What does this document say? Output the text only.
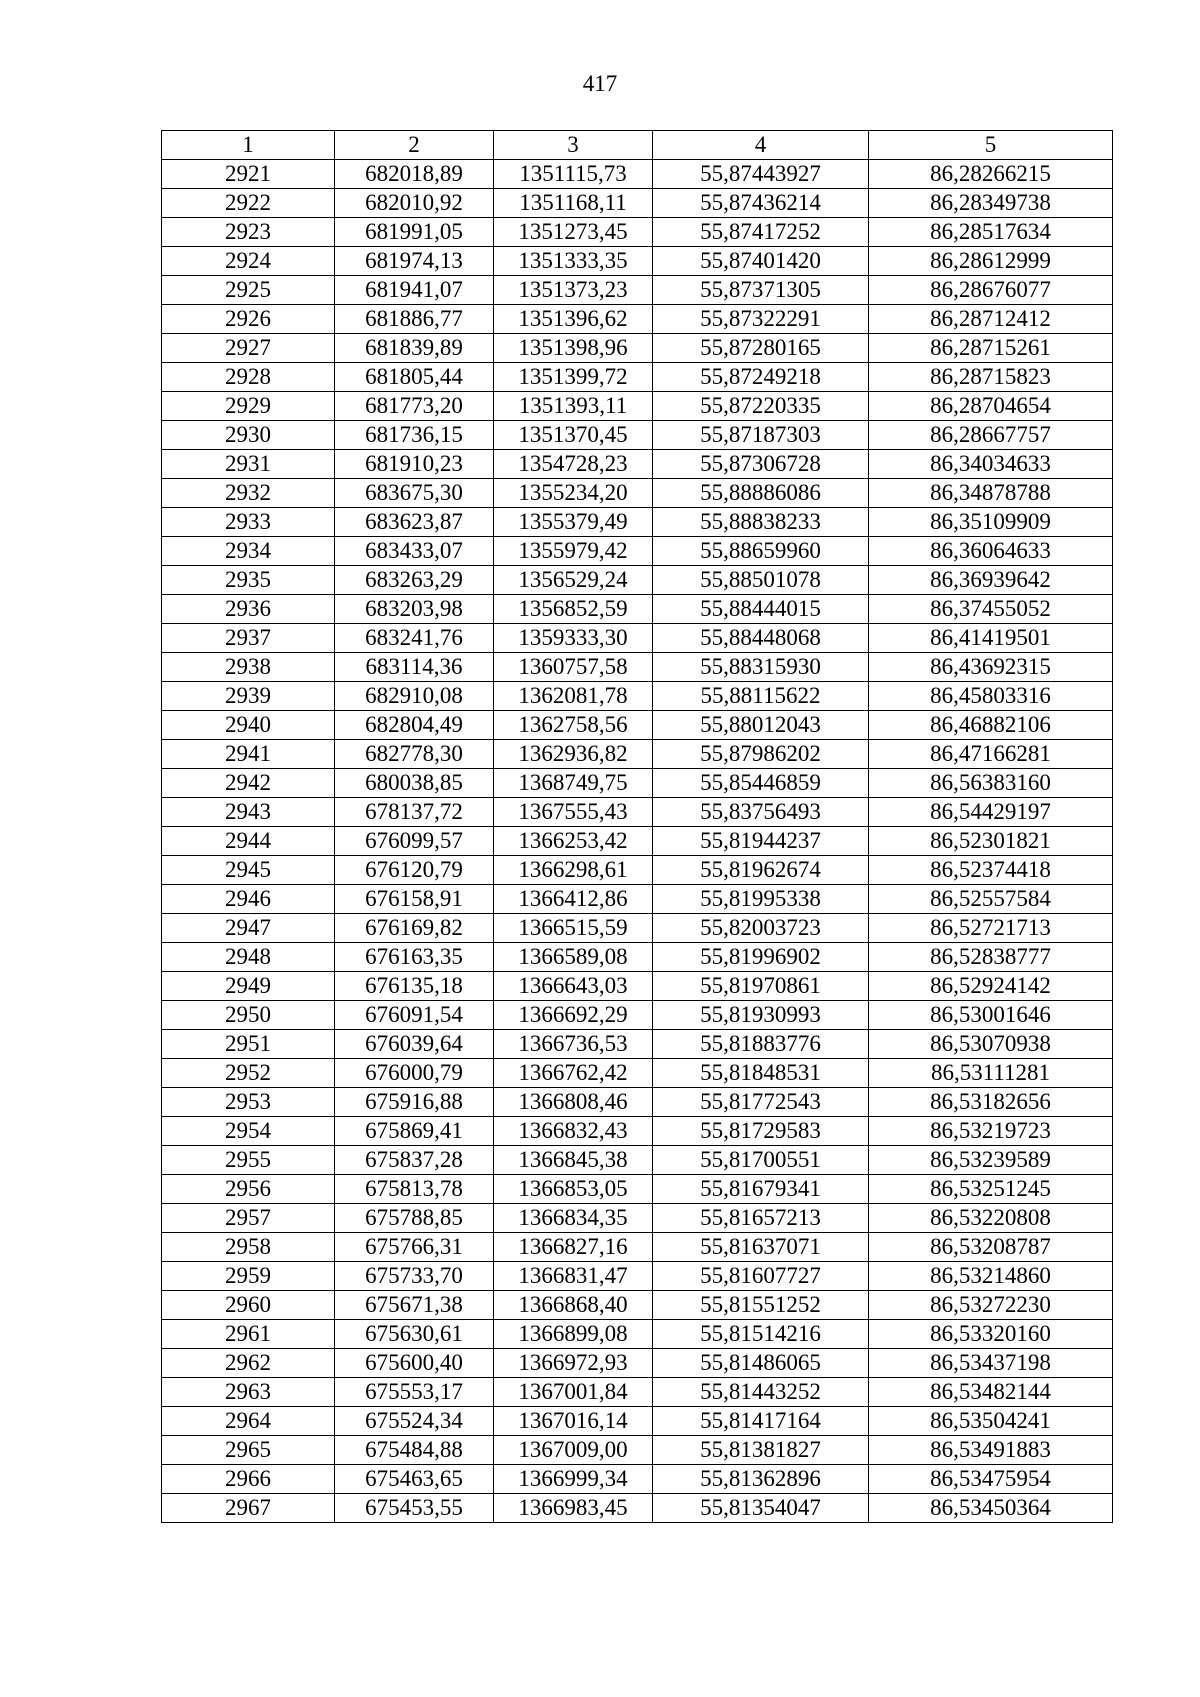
417
1	2	3	4	5
2921	682018,89	1351115,73	55,87443927	86,28266215
2922	682010,92	1351168,11	55,87436214	86,28349738
2923	681991,05	1351273,45	55,87417252	86,28517634
2924	681974,13	1351333,35	55,87401420	86,28612999
2925	681941,07	1351373,23	55,87371305	86,28676077
2926	681886,77	1351396,62	55,87322291	86,28712412
2927	681839,89	1351398,96	55,87280165	86,28715261
2928	681805,44	1351399,72	55,87249218	86,28715823
2929	681773,20	1351393,11	55,87220335	86,28704654
2930	681736,15	1351370,45	55,87187303	86,28667757
2931	681910,23	1354728,23	55,87306728	86,34034633
2932	683675,30	1355234,20	55,88886086	86,34878788
2933	683623,87	1355379,49	55,88838233	86,35109909
2934	683433,07	1355979,42	55,88659960	86,36064633
2935	683263,29	1356529,24	55,88501078	86,36939642
2936	683203,98	1356852,59	55,88444015	86,37455052
2937	683241,76	1359333,30	55,88448068	86,41419501
2938	683114,36	1360757,58	55,88315930	86,43692315
2939	682910,08	1362081,78	55,88115622	86,45803316
2940	682804,49	1362758,56	55,88012043	86,46882106
2941	682778,30	1362936,82	55,87986202	86,47166281
2942	680038,85	1368749,75	55,85446859	86,56383160
2943	678137,72	1367555,43	55,83756493	86,54429197
2944	676099,57	1366253,42	55,81944237	86,52301821
2945	676120,79	1366298,61	55,81962674	86,52374418
2946	676158,91	1366412,86	55,81995338	86,52557584
2947	676169,82	1366515,59	55,82003723	86,52721713
2948	676163,35	1366589,08	55,81996902	86,52838777
2949	676135,18	1366643,03	55,81970861	86,52924142
2950	676091,54	1366692,29	55,81930993	86,53001646
2951	676039,64	1366736,53	55,81883776	86,53070938
2952	676000,79	1366762,42	55,81848531	86,53111281
2953	675916,88	1366808,46	55,81772543	86,53182656
2954	675869,41	1366832,43	55,81729583	86,53219723
2955	675837,28	1366845,38	55,81700551	86,53239589
2956	675813,78	1366853,05	55,81679341	86,53251245
2957	675788,85	1366834,35	55,81657213	86,53220808
2958	675766,31	1366827,16	55,81637071	86,53208787
2959	675733,70	1366831,47	55,81607727	86,53214860
2960	675671,38	1366868,40	55,81551252	86,53272230
2961	675630,61	1366899,08	55,81514216	86,53320160
2962	675600,40	1366972,93	55,81486065	86,53437198
2963	675553,17	1367001,84	55,81443252	86,53482144
2964	675524,34	1367016,14	55,81417164	86,53504241
2965	675484,88	1367009,00	55,81381827	86,53491883
2966	675463,65	1366999,34	55,81362896	86,53475954
2967	675453,55	1366983,45	55,81354047	86,53450364
